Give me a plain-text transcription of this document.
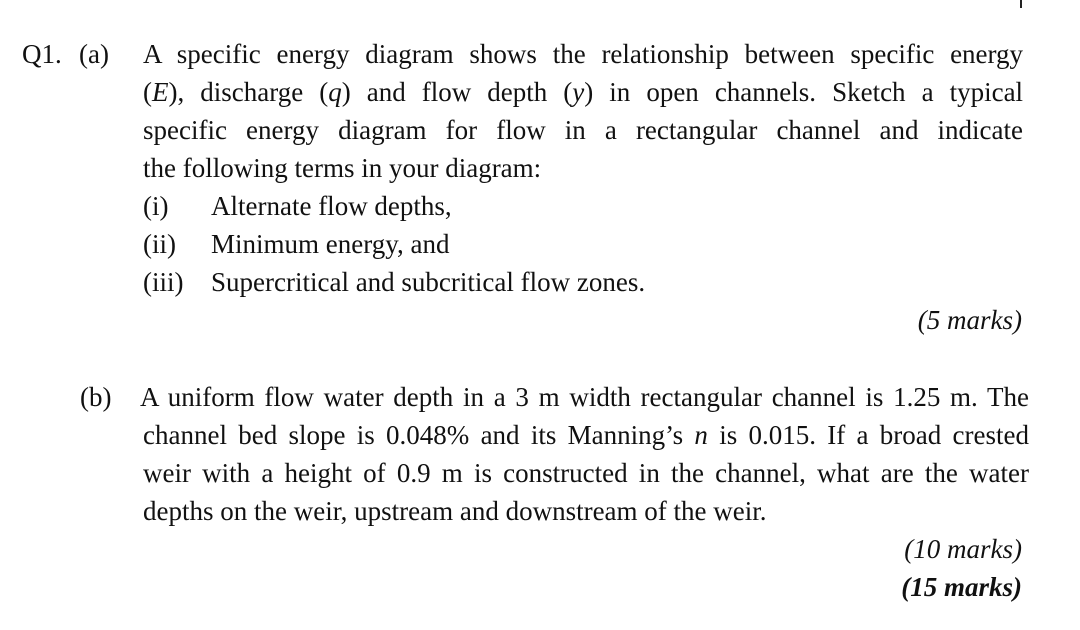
Q1. (a) A specific energy diagram shows the relationship between specific energy
(E), discharge (q) and flow depth (y) in open channels. Sketch a typical
specific energy diagram for flow in a rectangular channel and indicate
the following terms in your diagram:
(i) Alternate flow depths,
(ii) Minimum energy, and
(iii) Supercritical and subcritical flow zones.
(5 marks)
(b) A uniform flow water depth in a 3 m width rectangular channel is 1.25 m. The
channel bed slope is 0.048% and its Manning’s n is 0.015. If a broad crested
weir with a height of 0.9 m is constructed in the channel, what are the water
depths on the weir, upstream and downstream of the weir.
(10 marks)
(15 marks)
